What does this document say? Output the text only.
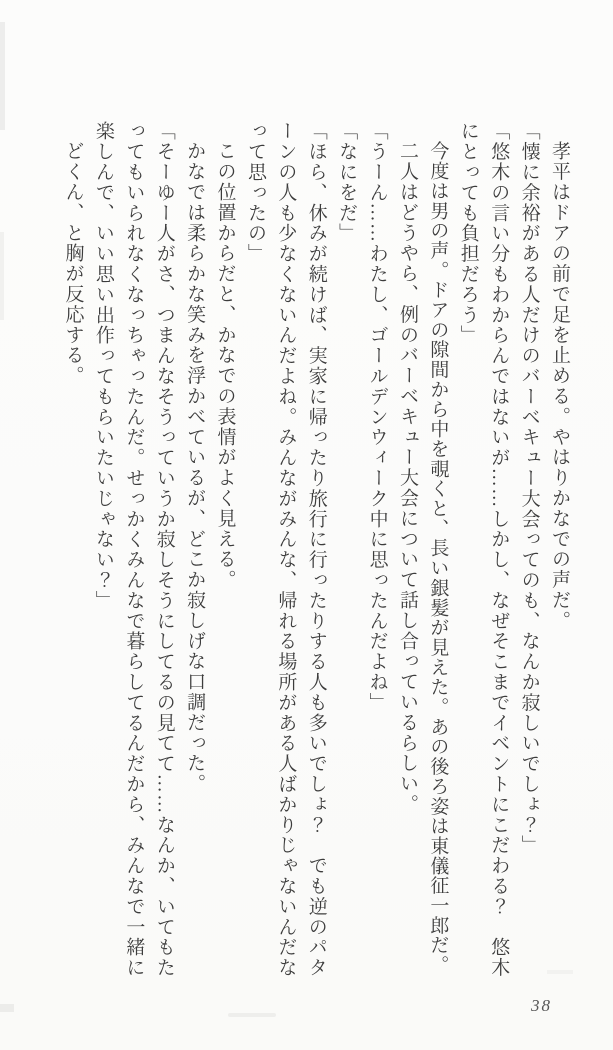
孝平はドアの前で足を止める。やはりかなでの声だ。

「懐に余裕がある人だけのバーベキュー大会ってのも、なんか寂しいでしょ？」

「悠木の言い分もわからんではないが……しかし、なぜそこまでイベントにこだわる？　悠木にとっても負担だろう」

今度は男の声。ドアの隙間から中を覗くと、長い銀髪が見えた。あの後ろ姿は東儀征一郎だ。

二人はどうやら、例のバーベキュー大会について話し合っているらしい。

「うーん……わたし、ゴールデンウィーク中に思ったんだよね」

「なにをだ」

「ほら、休みが続けば、実家に帰ったり旅行に行ったりする人も多いでしょ？　でも逆のパターンの人も少なくないんだよね。みんながみんな、帰れる場所がある人ばかりじゃないんだなって思ったの」

この位置からだと、かなでの表情がよく見える。

かなでは柔らかな笑みを浮かべているが、どこか寂しげな口調だった。

「そーゆー人がさ、つまんなそうっていうか寂しそうにしてるの見てて……なんか、いてもたってもいられなくなっちゃったんだ。せっかくみんなで暮らしてるんだから、みんなで一緒に楽しんで、いい思い出作ってもらいたいじゃない？」

どくん、と胸が反応する。

38
